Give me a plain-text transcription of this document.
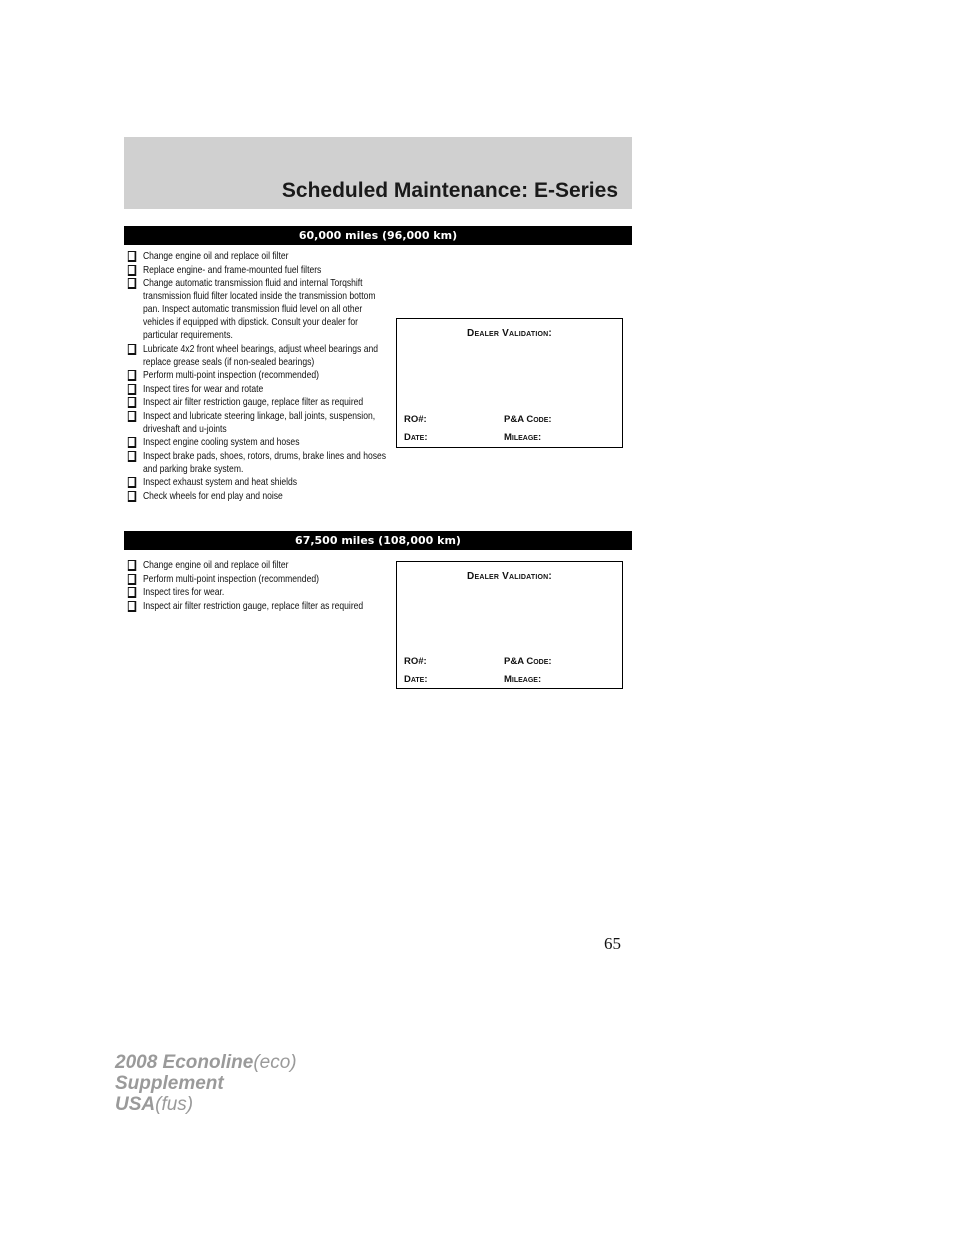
Scheduled Maintenance: E-Series
60,000 miles (96,000 km)
Change engine oil and replace oil filter
Replace engine- and frame-mounted fuel filters
Change automatic transmission fluid and internal Torqshift transmission fluid filter located inside the transmission bottom pan. Inspect automatic transmission fluid level on all other vehicles if equipped with dipstick. Consult your dealer for particular requirements.
Lubricate 4x2 front wheel bearings, adjust wheel bearings and replace grease seals (if non-sealed bearings)
Perform multi-point inspection (recommended)
Inspect tires for wear and rotate
Inspect air filter restriction gauge, replace filter as required
Inspect and lubricate steering linkage, ball joints, suspension, driveshaft and u-joints
Inspect engine cooling system and hoses
Inspect brake pads, shoes, rotors, drums, brake lines and hoses and parking brake system.
Inspect exhaust system and heat shields
Check wheels for end play and noise
Dealer Validation:
RO#:	P&A Code:
Date:	Mileage:
67,500 miles (108,000 km)
Change engine oil and replace oil filter
Perform multi-point inspection (recommended)
Inspect tires for wear.
Inspect air filter restriction gauge, replace filter as required
Dealer Validation:
RO#:	P&A Code:
Date:	Mileage:
65
2008 Econoline(eco)
Supplement
USA(fus)
